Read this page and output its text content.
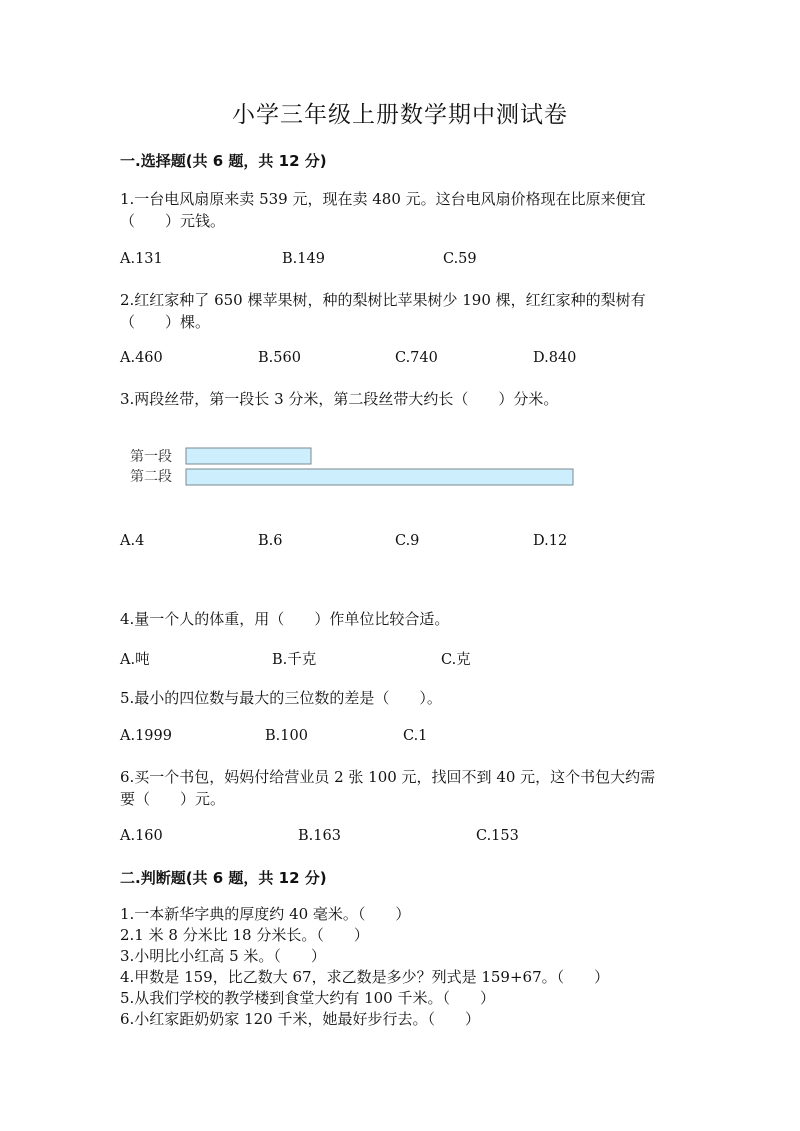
小学三年级上册数学期中测试卷
一.选择题(共 6 题，共 12 分)
1.一台电风扇原来卖 539 元，现在卖 480 元。这台电风扇价格现在比原来便宜
（　　）元钱。
A.131	B.149	C.59
2.红红家种了 650 棵苹果树，种的梨树比苹果树少 190 棵，红红家种的梨树有
（　　）棵。
A.460	B.560	C.740	D.840
3.两段丝带，第一段长 3 分米，第二段丝带大约长（　　）分米。
第一段
第二段
A.4	B.6	C.9	D.12
4.量一个人的体重，用（　　）作单位比较合适。
A.吨	B.千克	C.克
5.最小的四位数与最大的三位数的差是（　　）。
A.1999	B.100	C.1
6.买一个书包，妈妈付给营业员 2 张 100 元，找回不到 40 元，这个书包大约需
要（　　）元。
A.160	B.163	C.153
二.判断题(共 6 题，共 12 分)
1.一本新华字典的厚度约 40 毫米。（　　）
2.1 米 8 分米比 18 分米长。（　　）
3.小明比小红高 5 米。（　　）
4.甲数是 159，比乙数大 67，求乙数是多少？列式是 159+67。（　　）
5.从我们学校的教学楼到食堂大约有 100 千米。（　　）
6.小红家距奶奶家 120 千米，她最好步行去。（　　）
